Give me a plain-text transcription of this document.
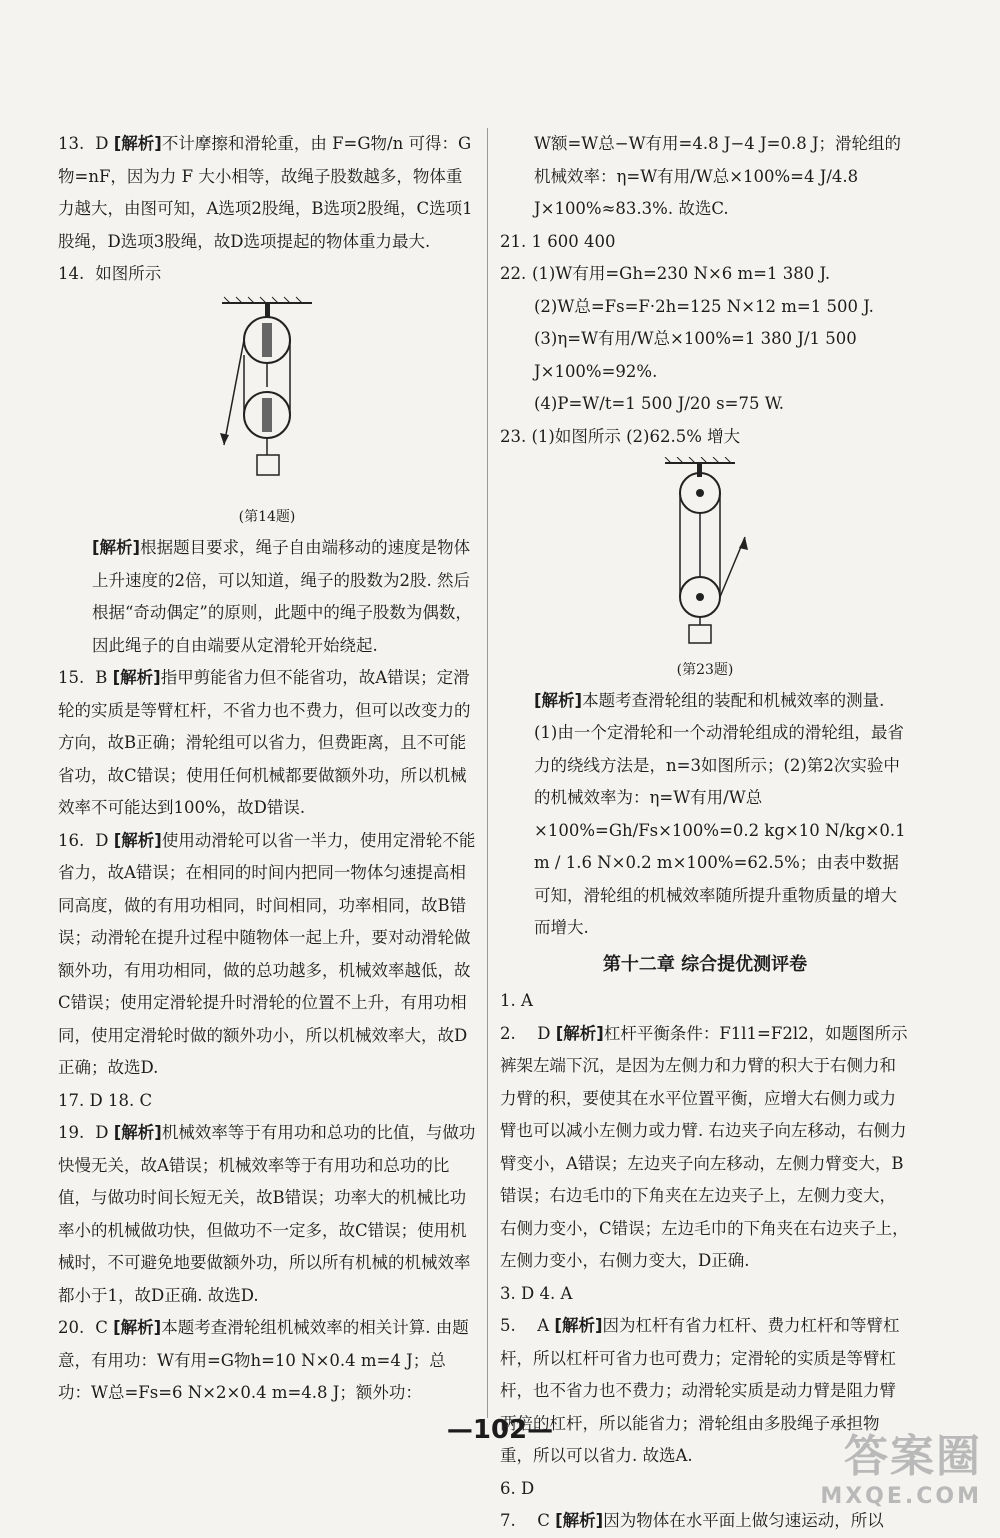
13. D [解析]不计摩擦和滑轮重，由 F=G物/n 可得：G物=nF，因为力 F 大小相等，故绳子股数越多，物体重力越大，由图可知，A选项2股绳，B选项2股绳，C选项1股绳，D选项3股绳，故D选项提起的物体重力最大.

14. 如图所示

(第14题)

[解析]根据题目要求，绳子自由端移动的速度是物体上升速度的2倍，可以知道，绳子的股数为2股. 然后根据“奇动偶定”的原则，此题中的绳子股数为偶数，因此绳子的自由端要从定滑轮开始绕起.

15. B [解析]指甲剪能省力但不能省功，故A错误；定滑轮的实质是等臂杠杆，不省力也不费力，但可以改变力的方向，故B正确；滑轮组可以省力，但费距离，且不可能省功，故C错误；使用任何机械都要做额外功，所以机械效率不可能达到100%，故D错误.

16. D [解析]使用动滑轮可以省一半力，使用定滑轮不能省力，故A错误；在相同的时间内把同一物体匀速提高相同高度，做的有用功相同，时间相同，功率相同，故B错误；动滑轮在提升过程中随物体一起上升，要对动滑轮做额外功，有用功相同，做的总功越多，机械效率越低，故C错误；使用定滑轮提升时滑轮的位置不上升，有用功相同，使用定滑轮时做的额外功小，所以机械效率大，故D正确；故选D.

17. D 18. C

19. D [解析]机械效率等于有用功和总功的比值，与做功快慢无关，故A错误；机械效率等于有用功和总功的比值，与做功时间长短无关，故B错误；功率大的机械比功率小的机械做功快，但做功不一定多，故C错误；使用机械时，不可避免地要做额外功，所以所有机械的机械效率都小于1，故D正确. 故选D.

20. C [解析]本题考查滑轮组机械效率的相关计算. 由题意，有用功：W有用=G物h=10 N×0.4 m=4 J；总功：W总=Fs=6 N×2×0.4 m=4.8 J；额外功：

W额=W总−W有用=4.8 J−4 J=0.8 J；滑轮组的机械效率：η=W有用/W总×100%=4 J/4.8 J×100%≈83.3%. 故选C.

21. 1 600 400

22. (1)W有用=Gh=230 N×6 m=1 380 J.
(2)W总=Fs=F·2h=125 N×12 m=1 500 J.
(3)η=W有用/W总×100%=1 380 J/1 500 J×100%=92%.
(4)P=W/t=1 500 J/20 s=75 W.

23. (1)如图所示 (2)62.5% 增大

(第23题)

[解析]本题考查滑轮组的装配和机械效率的测量. (1)由一个定滑轮和一个动滑轮组成的滑轮组，最省力的绕线方法是，n=3如图所示；(2)第2次实验中的机械效率为：η=W有用/W总×100%=Gh/Fs×100%=0.2 kg×10 N/kg×0.1 m / 1.6 N×0.2 m×100%=62.5%；由表中数据可知，滑轮组的机械效率随所提升重物质量的增大而增大.

第十二章 综合提优测评卷

1. A

2. D [解析]杠杆平衡条件：F1l1=F2l2，如题图所示裤架左端下沉，是因为左侧力和力臂的积大于右侧力和力臂的积，要使其在水平位置平衡，应增大右侧力或力臂也可以减小左侧力或力臂. 右边夹子向左移动，右侧力臂变小，A错误；左边夹子向左移动，左侧力臂变大，B错误；右边毛巾的下角夹在左边夹子上，左侧力变大，右侧力变小，C错误；左边毛巾的下角夹在右边夹子上，左侧力变小，右侧力变大，D正确.

3. D 4. A

5. A [解析]因为杠杆有省力杠杆、费力杠杆和等臂杠杆，所以杠杆可省力也可费力；定滑轮的实质是等臂杠杆，也不省力也不费力；动滑轮实质是动力臂是阻力臂两倍的杠杆，所以能省力；滑轮组由多股绳子承担物重，所以可以省力. 故选A.

6. D

7. C [解析]因为物体在水平面上做匀速运动，所以

—102—
答案圈
MXQE.COM
